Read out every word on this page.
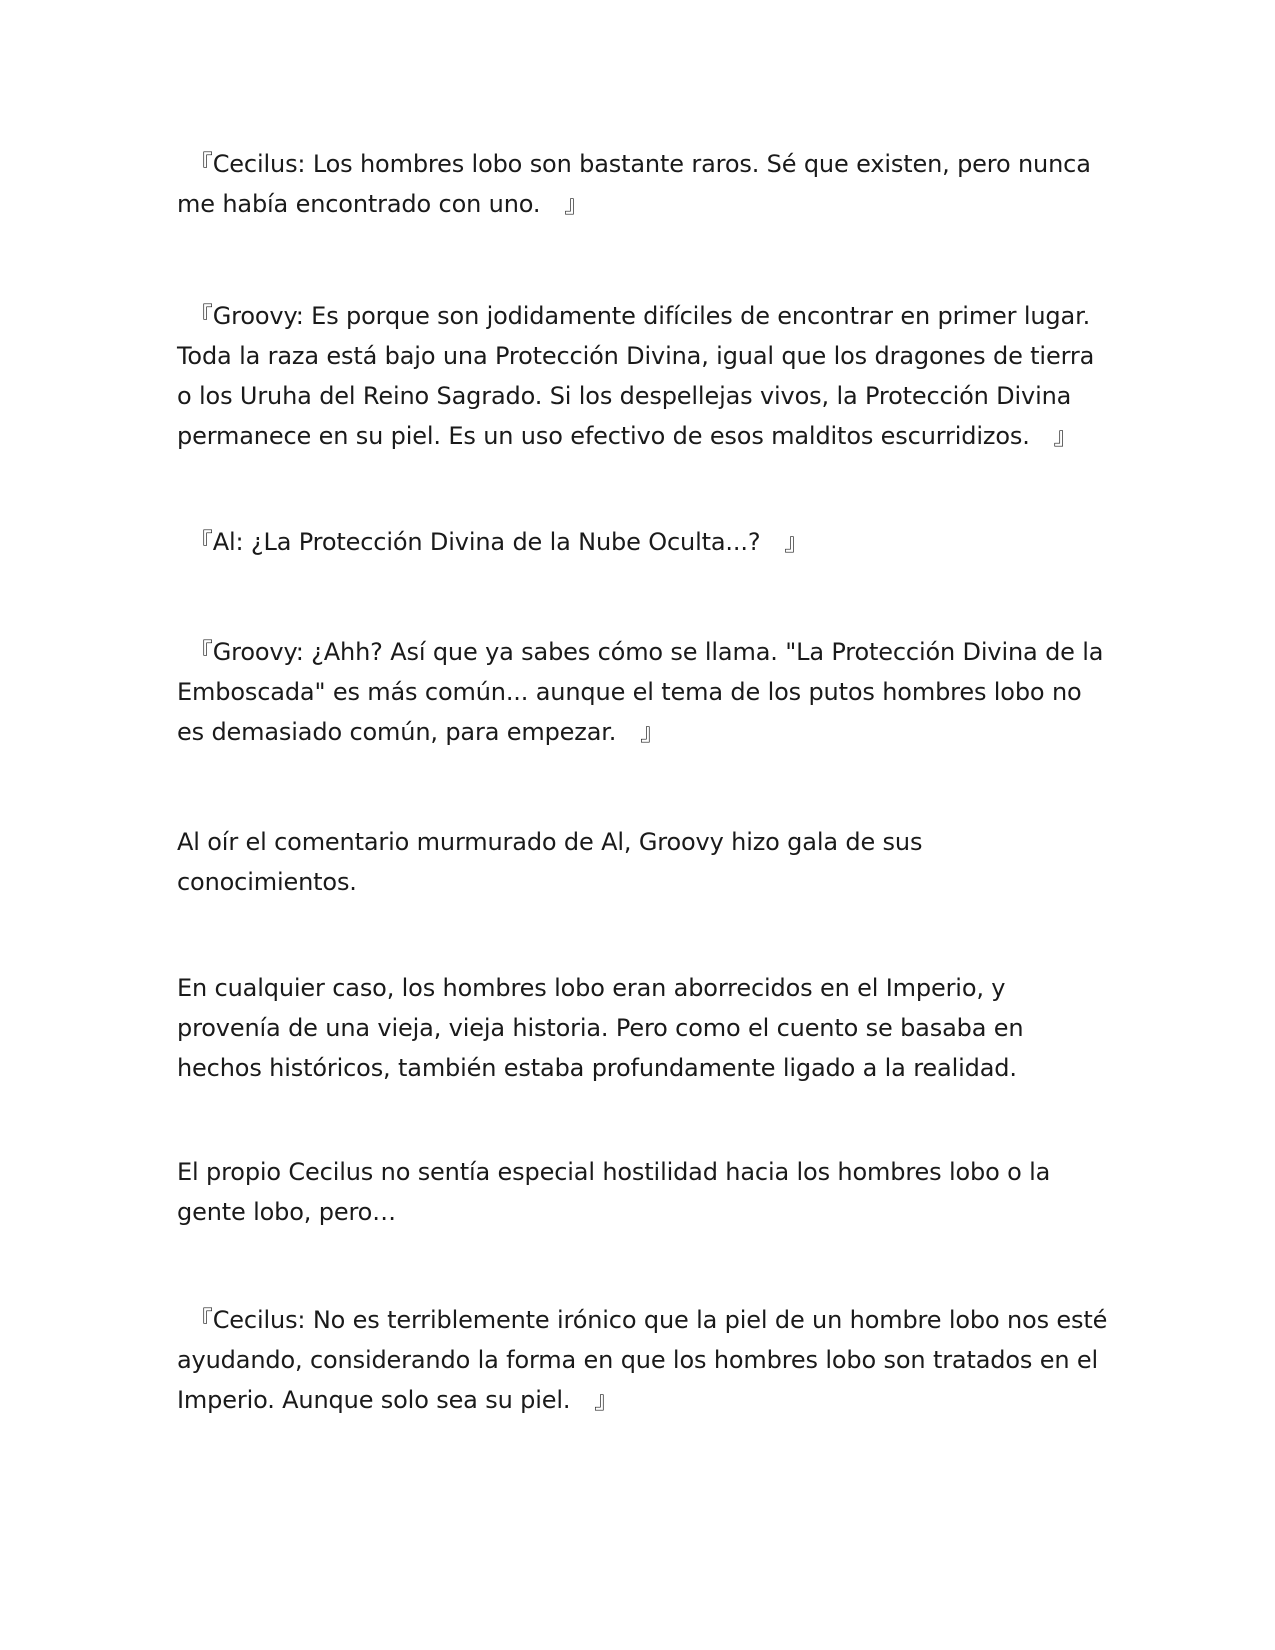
　『Cecilus: Los hombres lobo son bastante raros. Sé que existen, pero nunca
me había encontrado con uno.　』

　『Groovy: Es porque son jodidamente difíciles de encontrar en primer lugar.
Toda la raza está bajo una Protección Divina, igual que los dragones de tierra
o los Uruha del Reino Sagrado. Si los despellejas vivos, la Protección Divina
permanece en su piel. Es un uso efectivo de esos malditos escurridizos.　』

　『Al: ¿La Protección Divina de la Nube Oculta...?　』

　『Groovy: ¿Ahh? Así que ya sabes cómo se llama. "La Protección Divina de la
Emboscada" es más común... aunque el tema de los putos hombres lobo no
es demasiado común, para empezar.　』

Al oír el comentario murmurado de Al, Groovy hizo gala de sus
conocimientos.

En cualquier caso, los hombres lobo eran aborrecidos en el Imperio, y
provenía de una vieja, vieja historia. Pero como el cuento se basaba en
hechos históricos, también estaba profundamente ligado a la realidad.

El propio Cecilus no sentía especial hostilidad hacia los hombres lobo o la
gente lobo, pero…

　『Cecilus: No es terriblemente irónico que la piel de un hombre lobo nos esté
ayudando, considerando la forma en que los hombres lobo son tratados en el
Imperio. Aunque solo sea su piel.　』
